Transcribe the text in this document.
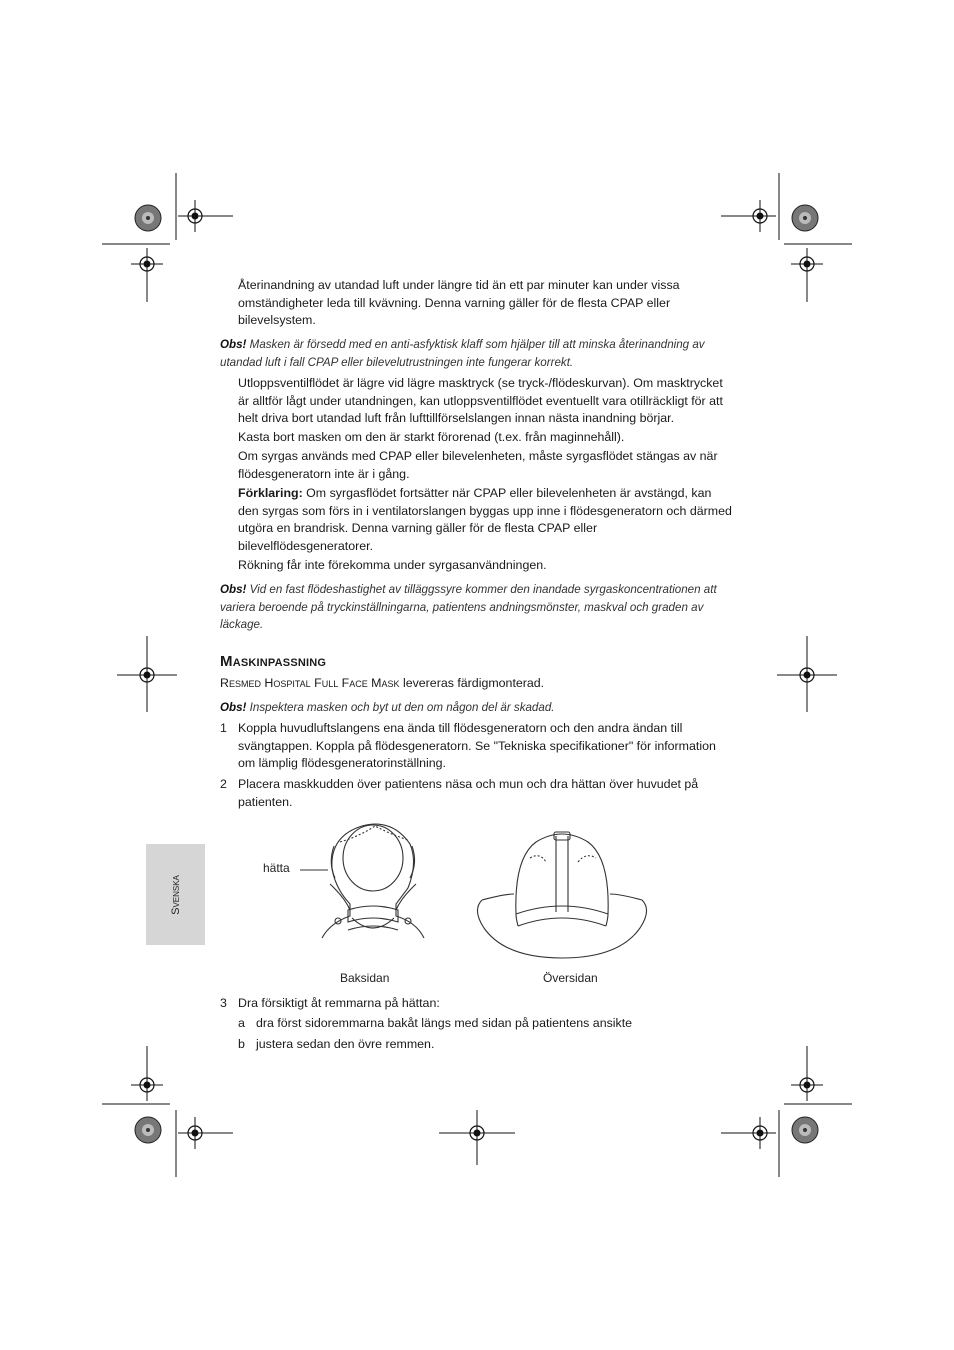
Återinandning av utandad luft under längre tid än ett par minuter kan under vissa omständigheter leda till kvävning. Denna varning gäller för de flesta CPAP eller bilevelsystem.
Obs! Masken är försedd med en anti-asfyktisk klaff som hjälper till att minska återinandning av utandad luft i fall CPAP eller bilevelutrustningen inte fungerar korrekt.
Utloppsventilflödet är lägre vid lägre masktryck (se tryck-/flödeskurvan). Om masktrycket är alltför lågt under utandningen, kan utloppsventilflödet eventuellt vara otillräckligt för att helt driva bort utandad luft från lufttillförselslangen innan nästa inandning börjar.
Kasta bort masken om den är starkt förorenad (t.ex. från maginnehåll).
Om syrgas används med CPAP eller bilevelenheten, måste syrgasflödet stängas av när flödesgeneratorn inte är i gång.
Förklaring: Om syrgasflödet fortsätter när CPAP eller bilevelenheten är avstängd, kan den syrgas som förs in i ventilatorslangen byggas upp inne i flödesgeneratorn och därmed utgöra en brandrisk. Denna varning gäller för de flesta CPAP eller bilevelflödesgeneratorer.
Rökning får inte förekomma under syrgasanvändningen.
Obs! Vid en fast flödeshastighet av tilläggssyre kommer den inandade syrgaskoncentrationen att variera beroende på tryckinställningarna, patientens andningsmönster, maskval och graden av läckage.
Maskinpassning
Resmed Hospital Full Face Mask levereras färdigmonterad.
Obs! Inspektera masken och byt ut den om någon del är skadad.
1 Koppla huvudluftslangens ena ända till flödesgeneratorn och den andra ändan till svängtappen. Koppla på flödesgeneratorn. Se "Tekniska specifikationer" för information om lämplig flödesgeneratorinställning.
2 Placera maskkudden över patientens näsa och mun och dra hättan över huvudet på patienten.
hätta
Baksidan	Översidan
3 Dra försiktigt åt remmarna på hättan:
a dra först sidoremmarna bakåt längs med sidan på patientens ansikte
b justera sedan den övre remmen.
Svenska
